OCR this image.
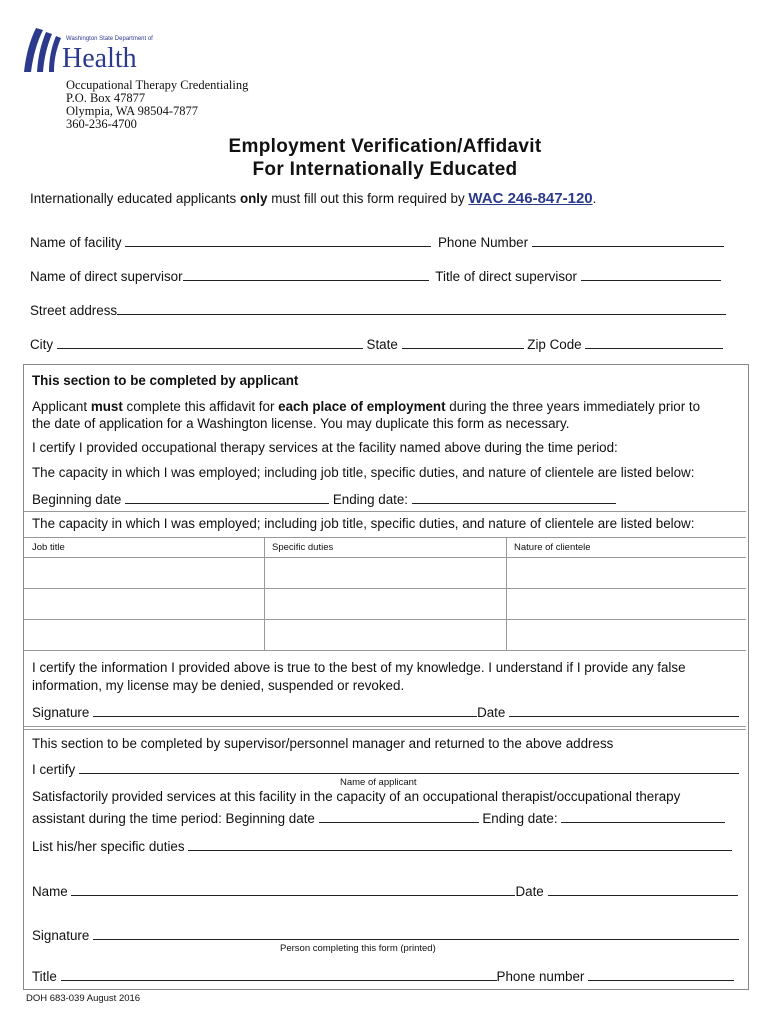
Washington State Department of
Health
Occupational Therapy Credentialing
P.O. Box 47877
Olympia, WA 98504-7877
360-236-4700
Employment Verification/Affidavit
For Internationally Educated
Internationally educated applicants only must fill out this form required by WAC 246-847-120.
Name of facility	Phone Number
Name of direct supervisor	Title of direct supervisor
Street address
City	State	Zip Code
This section to be completed by applicant
Applicant must complete this affidavit for each place of employment during the three years immediately prior to
the date of application for a Washington license. You may duplicate this form as necessary.
I certify I provided occupational therapy services at the facility named above during the time period:
The capacity in which I was employed; including job title, specific duties, and nature of clientele are listed below:
Beginning date	Ending date:
The capacity in which I was employed; including job title, specific duties, and nature of clientele are listed below:
Job title	Specific duties	Nature of clientele
I certify the information I provided above is true to the best of my knowledge. I understand if I provide any false
information, my license may be denied, suspended or revoked.
Signature	Date
This section to be completed by supervisor/personnel manager and returned to the above address
I certify
Name of applicant
Satisfactorily provided services at this facility in the capacity of an occupational therapist/occupational therapy
assistant during the time period: Beginning date	Ending date:
List his/her specific duties
Name	Date
Signature
Person completing this form (printed)
Title	Phone number
DOH 683-039 August 2016
